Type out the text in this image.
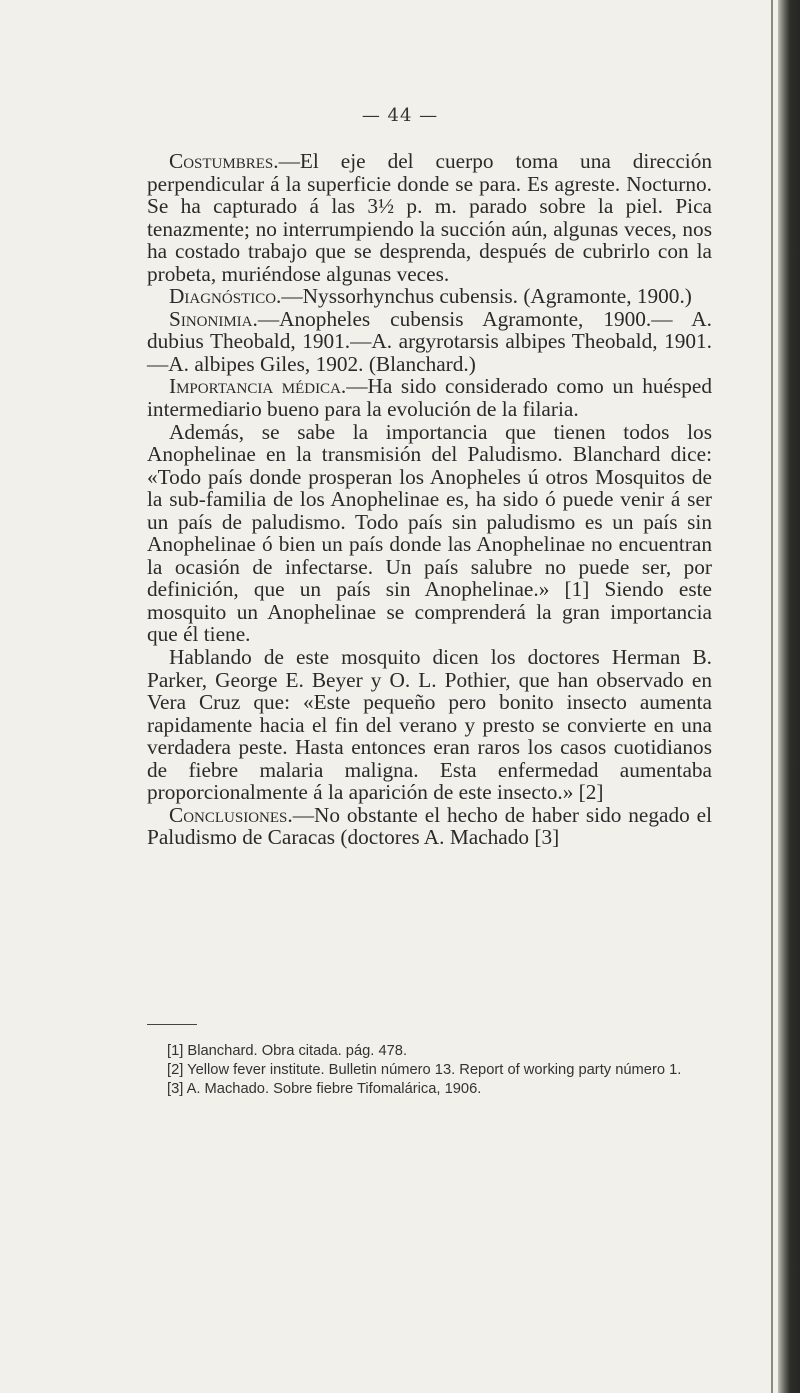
— 44 —

Costumbres.—El eje del cuerpo toma una dirección perpendicular á la superficie donde se para. Es agreste. Nocturno. Se ha capturado á las 3½ p. m. parado sobre la piel. Pica tenazmente; no interrumpiendo la succión aún, algunas veces, nos ha costado trabajo que se desprenda, después de cubrirlo con la probeta, muriéndose algunas veces.

Diagnóstico.—Nyssorhynchus cubensis. (Agramonte, 1900.)

Sinonimia.—Anopheles cubensis Agramonte, 1900.— A. dubius Theobald, 1901.—A. argyrotarsis albipes Theobald, 1901.—A. albipes Giles, 1902. (Blanchard.)

Importancia médica.—Ha sido considerado como un huésped intermediario bueno para la evolución de la filaria.

Además, se sabe la importancia que tienen todos los Anophelinae en la transmisión del Paludismo. Blanchard dice: «Todo país donde prosperan los Anopheles ú otros Mosquitos de la sub-familia de los Anophelinae es, ha sido ó puede venir á ser un país de paludismo. Todo país sin paludismo es un país sin Anophelinae ó bien un país donde las Anophelinae no encuentran la ocasión de infectarse. Un país salubre no puede ser, por definición, que un país sin Anophelinae.» [1] Siendo este mosquito un Anophelinae se comprenderá la gran importancia que él tiene.

Hablando de este mosquito dicen los doctores Herman B. Parker, George E. Beyer y O. L. Pothier, que han observado en Vera Cruz que: «Este pequeño pero bonito insecto aumenta rapidamente hacia el fin del verano y presto se convierte en una verdadera peste. Hasta entonces eran raros los casos cuotidianos de fiebre malaria maligna. Esta enfermedad aumentaba proporcionalmente á la aparición de este insecto.» [2]

Conclusiones.—No obstante el hecho de haber sido negado el Paludismo de Caracas (doctores A. Machado [3]

[1] Blanchard. Obra citada. pág. 478.

[2] Yellow fever institute. Bulletin número 13. Report of working party número 1.

[3] A. Machado. Sobre fiebre Tifomalárica, 1906.
